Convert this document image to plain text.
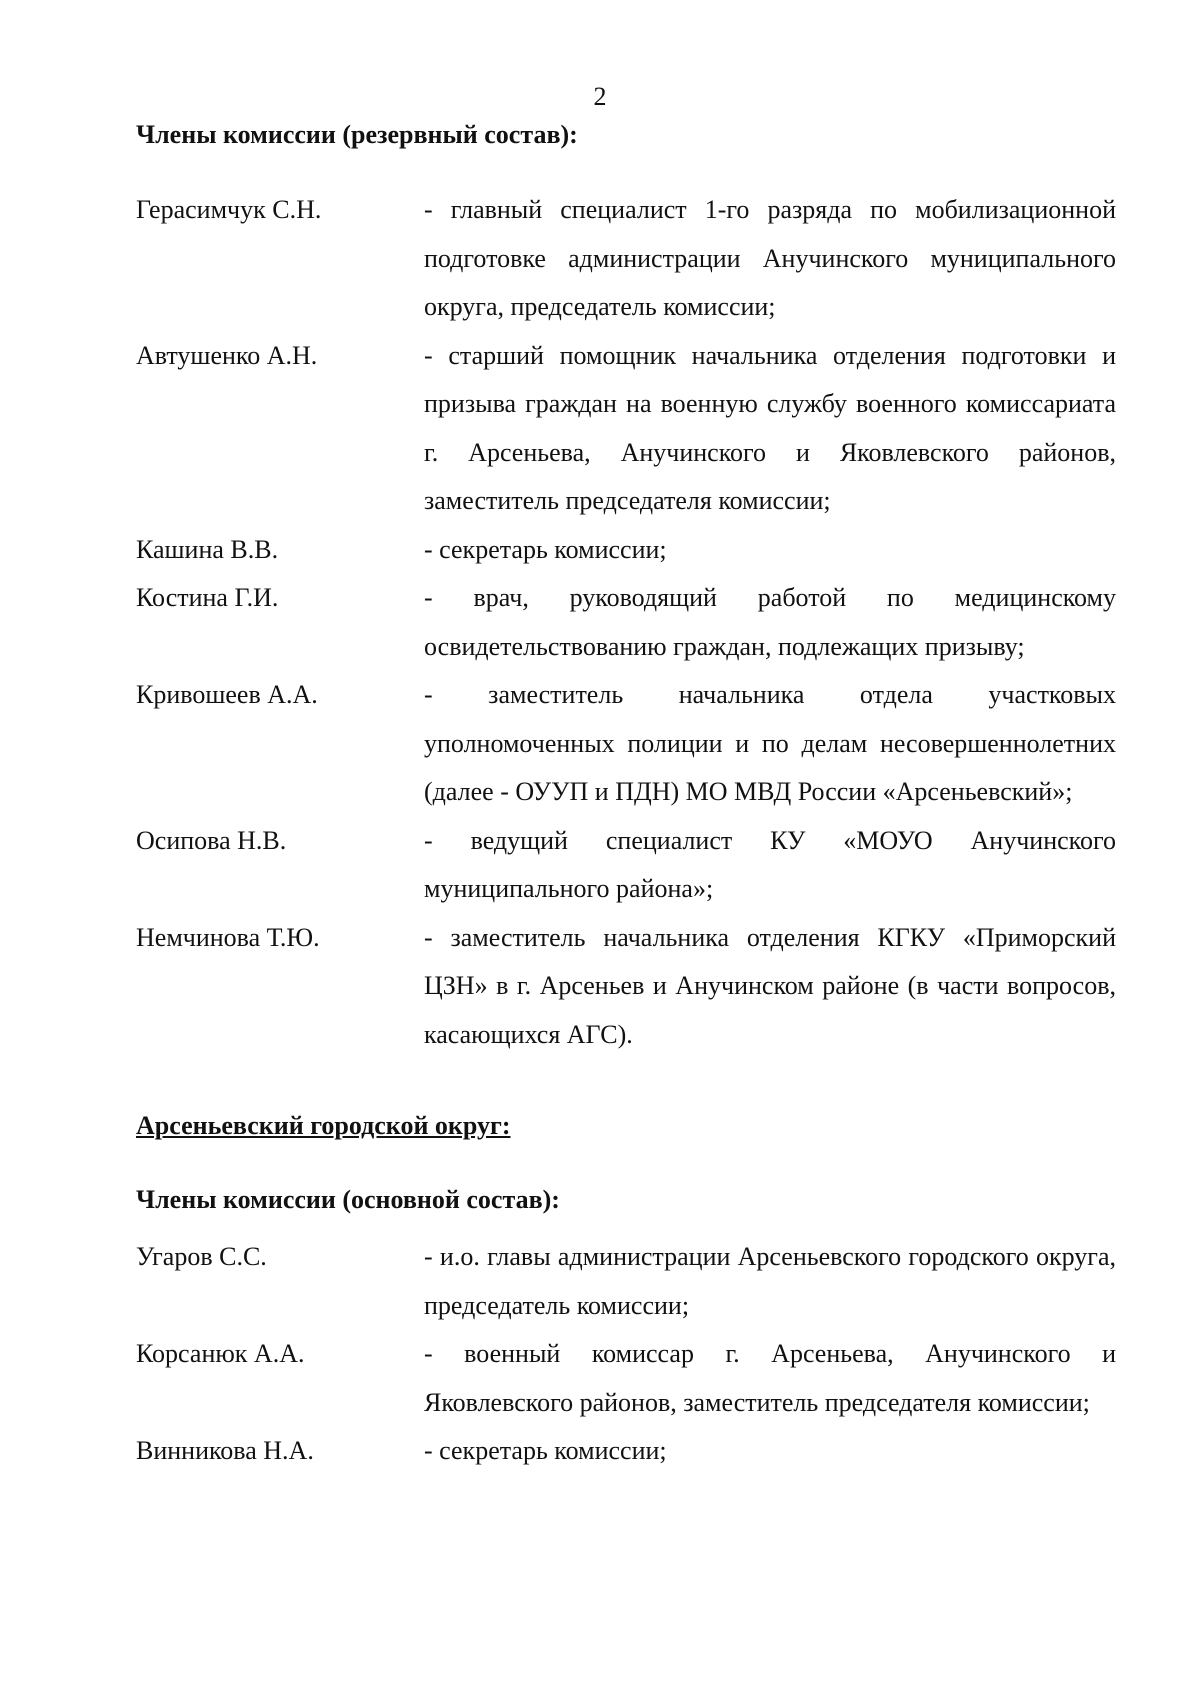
2

Члены комиссии (резервный состав):

Герасимчук С.Н.	- главный специалист 1-го разряда по мобилизационной подготовке администрации Анучинского муниципального округа, председатель комиссии;
Автушенко А.Н.	- старший помощник начальника отделения подготовки и призыва граждан на военную службу военного комиссариата г. Арсеньева, Анучинского и Яковлевского районов, заместитель председателя комиссии;
Кашина В.В.	- секретарь комиссии;
Костина Г.И.	- врач, руководящий работой по медицинскому освидетельствованию граждан, подлежащих призыву;
Кривошеев А.А.	- заместитель начальника отдела участковых уполномоченных полиции и по делам несовершеннолетних (далее - ОУУП и ПДН) МО МВД России «Арсеньевский»;
Осипова Н.В.	- ведущий специалист КУ «МОУО Анучинского муниципального района»;
Немчинова Т.Ю.	- заместитель начальника отделения КГКУ «Приморский ЦЗН» в г. Арсеньев и Анучинском районе (в части вопросов, касающихся АГС).

Арсеньевский городской округ:

Члены комиссии (основной состав):

Угаров С.С.	- и.о. главы администрации Арсеньевского городского округа, председатель комиссии;
Корсанюк А.А.	- военный комиссар г. Арсеньева, Анучинского и Яковлевского районов, заместитель председателя комиссии;
Винникова Н.А.	- секретарь комиссии;
